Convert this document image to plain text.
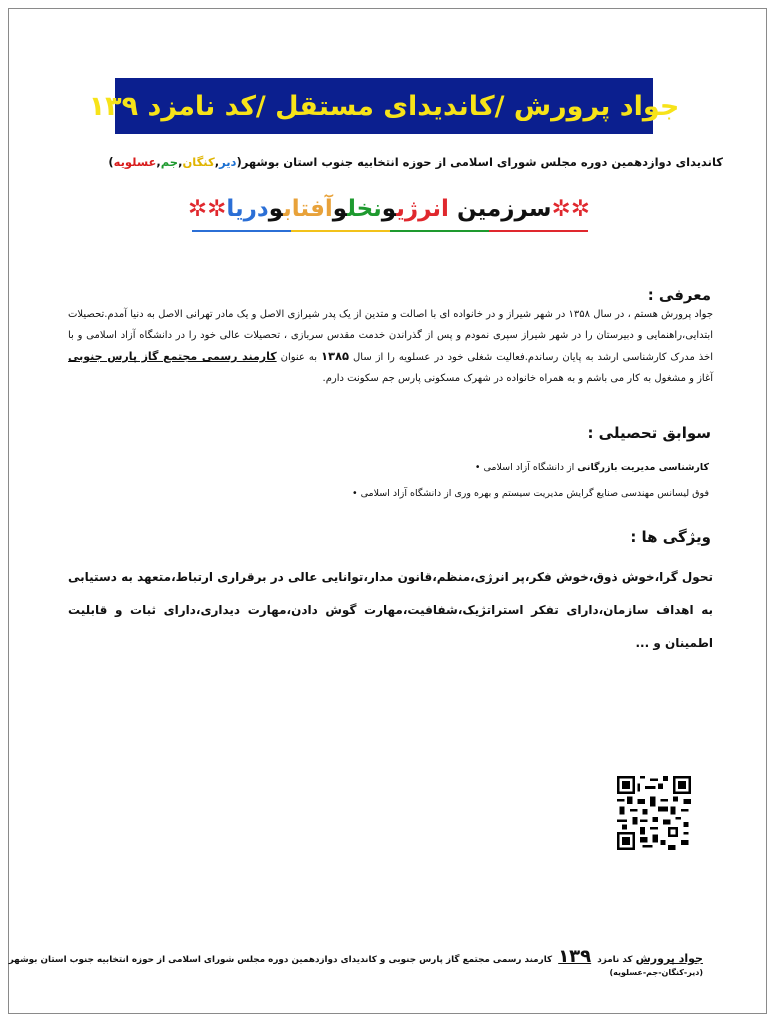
جواد پرورش /کاندیدای مستقل /کد نامزد ۱۳۹
کاندیدای دوازدهمین دوره مجلس شورای اسلامی از حوزه انتخابیه جنوب استان بوشهر(دیر,کنگان,جم,عسلویه)
✲✲سرزمین انرژیونخلوآفتابودریا✲✲
معرفی :
جواد پرورش هستم ، در سال ۱۳۵۸ در شهر شیراز و در خانواده ای با اصالت و متدین از یک پدر شیرازی الاصل و یک مادر تهرانی الاصل به دنیا آمدم.تحصیلات ابتدایی،راهنمایی و دبیرستان را در شهر شیراز سپری نمودم و پس از گذراندن خدمت مقدس سربازی ، تحصیلات عالی خود را در دانشگاه آزاد اسلامی و با اخذ مدرک کارشناسی ارشد به پایان رساندم.فعالیت شغلی خود در عسلویه را از سال ۱۳۸۵ به عنوان کارمند رسمی مجتمع گاز پارس جنوبی آغاز و مشغول به کار می باشم و به همراه خانواده در شهرک مسکونی پارس جم سکونت دارم.
سوابق تحصیلی :
کارشناسی مدیریت بازرگانی از دانشگاه آزاد اسلامی •
فوق لیسانس مهندسی صنایع گرایش مدیریت سیستم و بهره وری از دانشگاه آزاد اسلامی •
ویژگی ها :
تحول گرا،خوش ذوق،خوش فکر،پر انرژی،منظم،قانون مدار،توانایی عالی در برقراری ارتباط،متعهد به دستیابی به اهداف سازمان،دارای تفکر استراتژیک،شفافیت،مهارت گوش دادن،مهارت دیداری،دارای ثبات و قابلیت اطمینان و ...
جواد پرورش کد نامزد ۱۳۹ کارمند رسمی مجتمع گاز پارس جنوبی و کاندیدای دوازدهمین دوره مجلس شورای اسلامی از حوزه انتخابیه جنوب استان بوشهر
(دیر-کنگان-جم-عسلویه)
